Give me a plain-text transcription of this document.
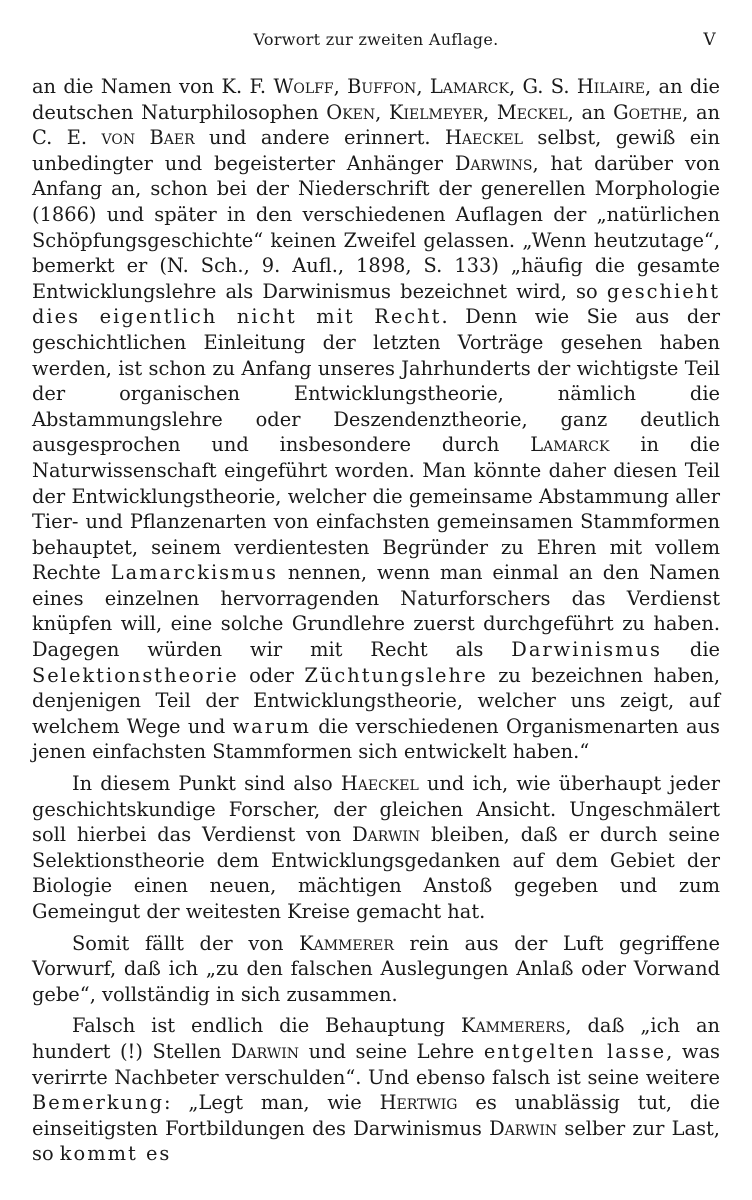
Vorwort zur zweiten Auflage.	V

an die Namen von K. F. Wolff, Buffon, Lamarck, G. S. Hilaire, an die deutschen Naturphilosophen Oken, Kielmeyer, Meckel, an Goethe, an C. E. von Baer und andere erinnert. Haeckel selbst, gewiß ein unbedingter und begeisterter Anhänger Darwins, hat darüber von Anfang an, schon bei der Niederschrift der generellen Morphologie (1866) und später in den verschiedenen Auflagen der „natürlichen Schöpfungsgeschichte“ keinen Zweifel gelassen. „Wenn heutzutage“, bemerkt er (N. Sch., 9. Aufl., 1898, S. 133) „häufig die gesamte Entwicklungslehre als Darwinismus bezeichnet wird, so geschieht dies eigentlich nicht mit Recht. Denn wie Sie aus der geschichtlichen Einleitung der letzten Vorträge gesehen haben werden, ist schon zu Anfang unseres Jahrhunderts der wichtigste Teil der organischen Entwicklungstheorie, nämlich die Abstammungslehre oder Deszendenztheorie, ganz deutlich ausgesprochen und insbesondere durch Lamarck in die Naturwissenschaft eingeführt worden. Man könnte daher diesen Teil der Entwicklungstheorie, welcher die gemeinsame Abstammung aller Tier- und Pflanzenarten von einfachsten gemeinsamen Stammformen behauptet, seinem verdientesten Begründer zu Ehren mit vollem Rechte Lamarckismus nennen, wenn man einmal an den Namen eines einzelnen hervorragenden Naturforschers das Verdienst knüpfen will, eine solche Grundlehre zuerst durchgeführt zu haben. Dagegen würden wir mit Recht als Darwinismus die Selektionstheorie oder Züchtungslehre zu bezeichnen haben, denjenigen Teil der Entwicklungstheorie, welcher uns zeigt, auf welchem Wege und warum die verschiedenen Organismenarten aus jenen einfachsten Stammformen sich entwickelt haben.“

In diesem Punkt sind also Haeckel und ich, wie überhaupt jeder geschichtskundige Forscher, der gleichen Ansicht. Ungeschmälert soll hierbei das Verdienst von Darwin bleiben, daß er durch seine Selektionstheorie dem Entwicklungsgedanken auf dem Gebiet der Biologie einen neuen, mächtigen Anstoß gegeben und zum Gemeingut der weitesten Kreise gemacht hat.

Somit fällt der von Kammerer rein aus der Luft gegriffene Vorwurf, daß ich „zu den falschen Auslegungen Anlaß oder Vorwand gebe“, vollständig in sich zusammen.

Falsch ist endlich die Behauptung Kammerers, daß „ich an hundert (!) Stellen Darwin und seine Lehre entgelten lasse, was verirrte Nachbeter verschulden“. Und ebenso falsch ist seine weitere Bemerkung: „Legt man, wie Hertwig es unablässig tut, die einseitigsten Fortbildungen des Darwinismus Darwin selber zur Last, so kommt es
